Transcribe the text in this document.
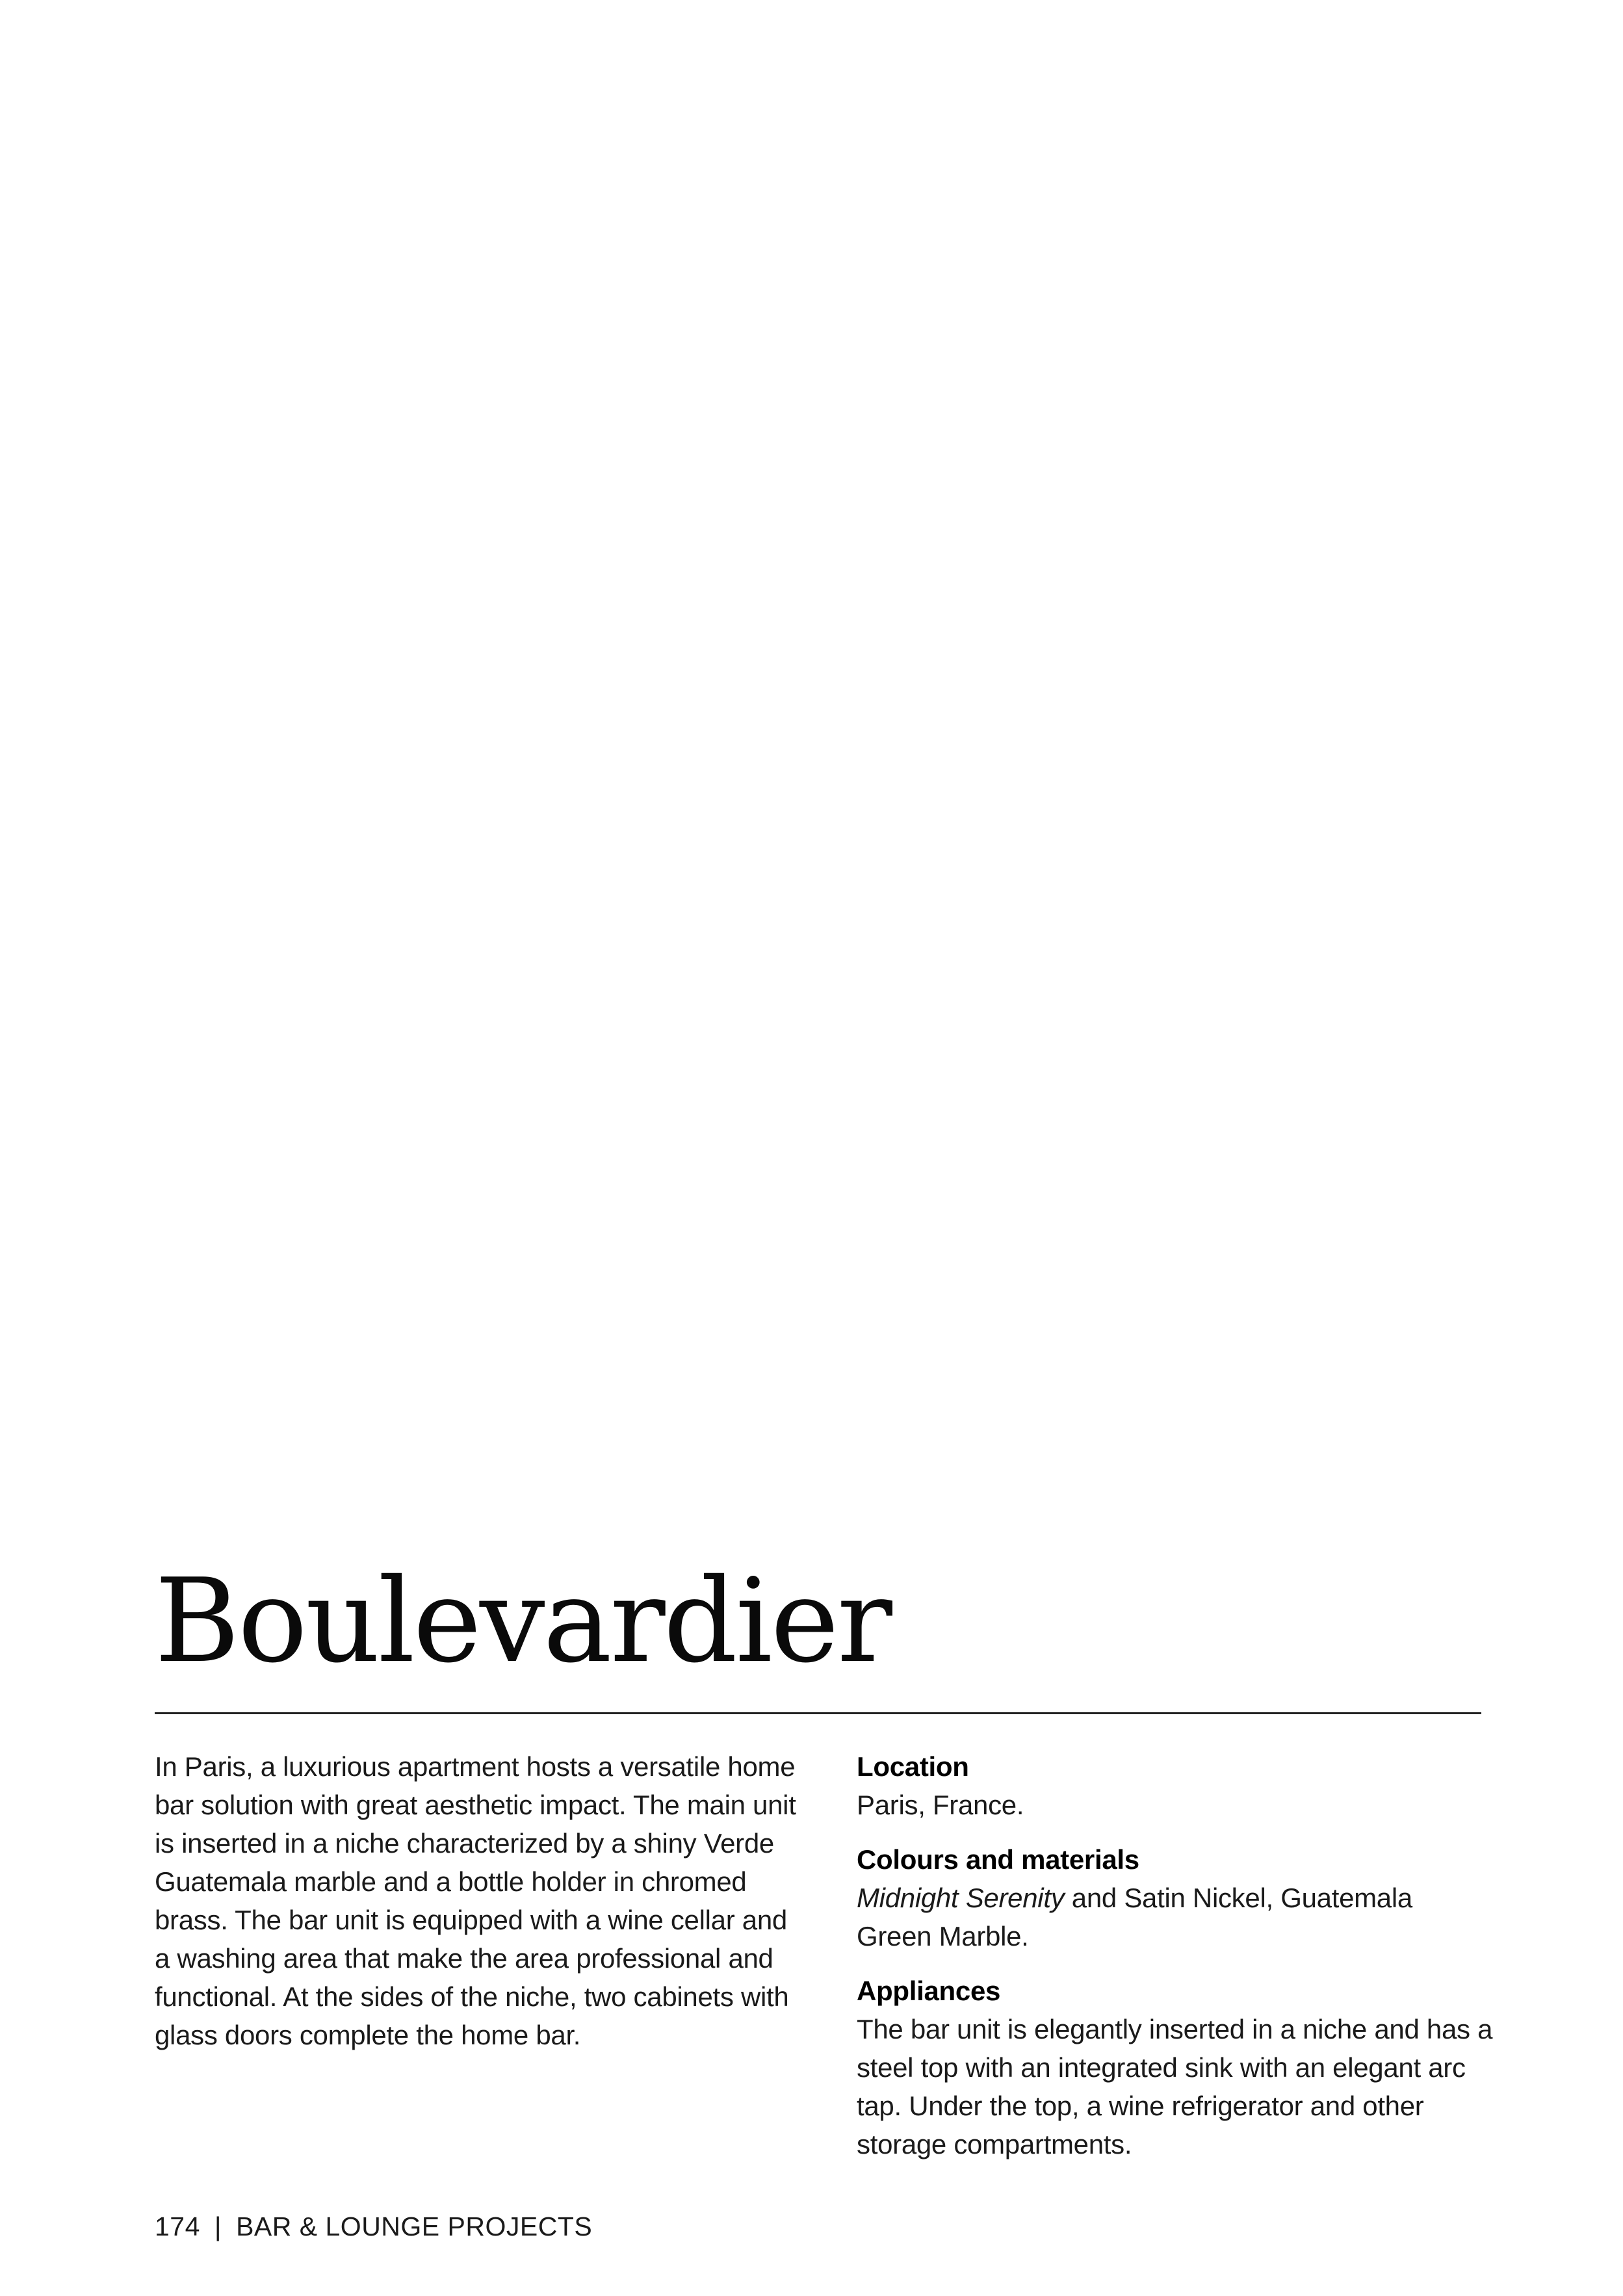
Boulevardier

In Paris, a luxurious apartment hosts a versatile home bar solution with great aesthetic impact. The main unit is inserted in a niche characterized by a shiny Verde Guatemala marble and a bottle holder in chromed brass. The bar unit is equipped with a wine cellar and a washing area that make the area professional and functional. At the sides of the niche, two cabinets with glass doors complete the home bar.

Location
Paris, France.
Colours and materials
Midnight Serenity and Satin Nickel, Guatemala Green Marble.
Appliances
The bar unit is elegantly inserted in a niche and has a steel top with an integrated sink with an elegant arc tap. Under the top, a wine refrigerator and other storage compartments.
174 | BAR & LOUNGE PROJECTS
